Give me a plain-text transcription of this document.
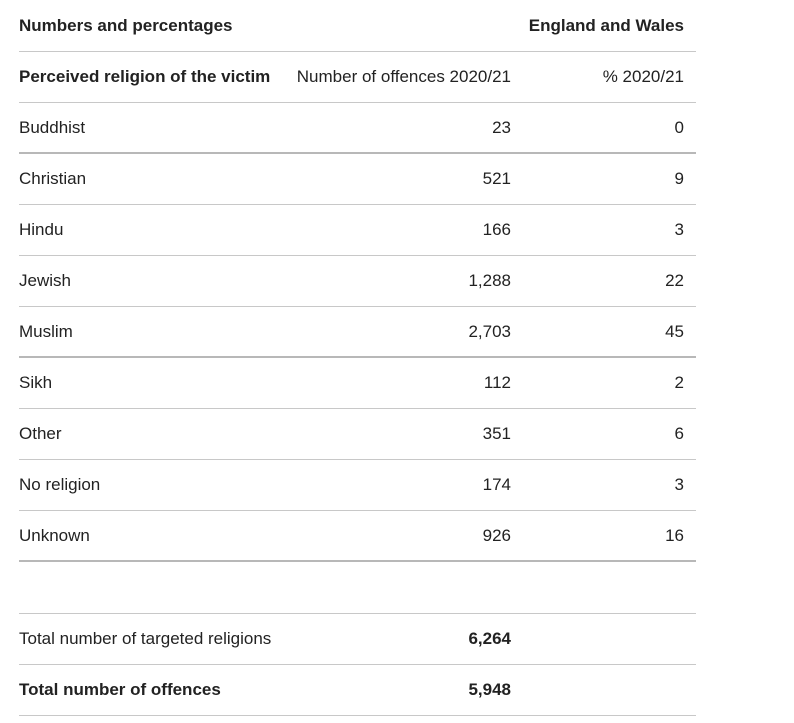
Numbers and percentages	England and Wales
Perceived religion of the victim	Number of offences 2020/21	% 2020/21
Buddhist	23	0
Christian	521	9
Hindu	166	3
Jewish	1,288	22
Muslim	2,703	45
Sikh	112	2
Other	351	6
No religion	174	3
Unknown	926	16
Total number of targeted religions	6,264
Total number of offences	5,948
